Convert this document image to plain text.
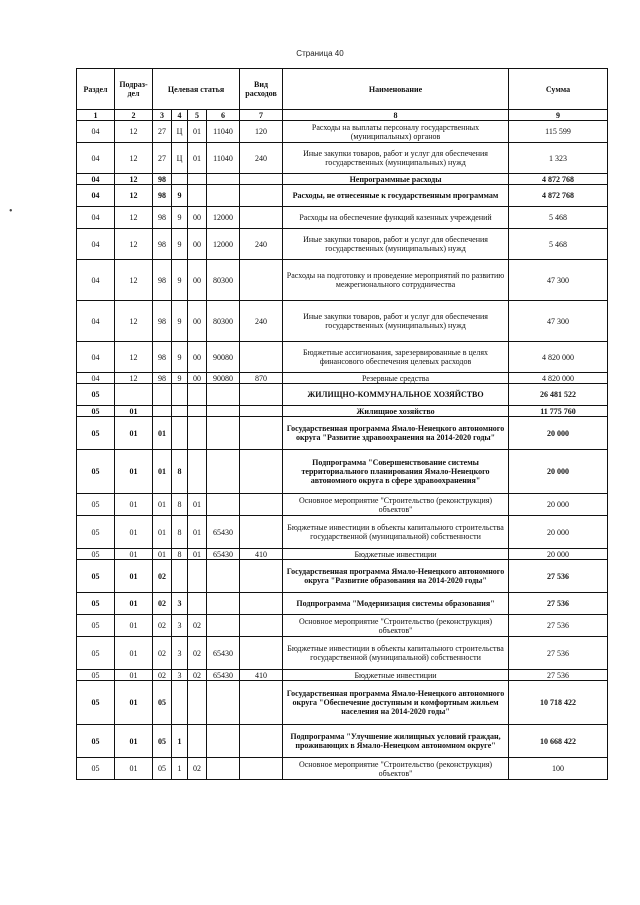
Страница 40
•
Раздел	Подраз-дел	Целевая статья				Вид расходов	Наименование	Сумма
1	2	3	4	5	6	7	8	9
04	12	27	Ц	01	11040	120	Расходы на выплаты персоналу государственных (муниципальных) органов	115 599
04	12	27	Ц	01	11040	240	Иные закупки товаров, работ и услуг для обеспечения государственных (муниципальных) нужд	1 323
04	12	98					Непрограммные расходы	4 872 768
04	12	98	9				Расходы, не отнесенные к государственным программам	4 872 768
04	12	98	9	00	12000		Расходы на обеспечение функций казенных учреждений	5 468
04	12	98	9	00	12000	240	Иные закупки товаров, работ и услуг для обеспечения государственных (муниципальных) нужд	5 468
04	12	98	9	00	80300		Расходы на подготовку и проведение мероприятий по развитию межрегионального сотрудничества	47 300
04	12	98	9	00	80300	240	Иные закупки товаров, работ и услуг для обеспечения государственных (муниципальных) нужд	47 300
04	12	98	9	00	90080		Бюджетные ассигнования, зарезервированные в целях финансового обеспечения целевых расходов	4 820 000
04	12	98	9	00	90080	870	Резервные средства	4 820 000
05							ЖИЛИЩНО-КОММУНАЛЬНОЕ ХОЗЯЙСТВО	26 481 522
05	01						Жилищное хозяйство	11 775 760
05	01	01					Государственная программа Ямало-Ненецкого автономного округа "Развитие здравоохранения на 2014-2020 годы"	20 000
05	01	01	8				Подпрограмма "Совершенствование системы территориального планирования Ямало-Ненецкого автономного округа в сфере здравоохранения"	20 000
05	01	01	8	01			Основное мероприятие "Строительство (реконструкция) объектов"	20 000
05	01	01	8	01	65430		Бюджетные инвестиции в объекты капитального строительства государственной (муниципальной) собственности	20 000
05	01	01	8	01	65430	410	Бюджетные инвестиции	20 000
05	01	02					Государственная программа Ямало-Ненецкого автономного округа "Развитие образования на 2014-2020 годы"	27 536
05	01	02	3				Подпрограмма "Модернизация системы образования"	27 536
05	01	02	3	02			Основное мероприятие "Строительство (реконструкция) объектов"	27 536
05	01	02	3	02	65430		Бюджетные инвестиции в объекты капитального строительства государственной (муниципальной) собственности	27 536
05	01	02	3	02	65430	410	Бюджетные инвестиции	27 536
05	01	05					Государственная программа Ямало-Ненецкого автономного округа "Обеспечение доступным и комфортным жильем населения на 2014-2020 годы"	10 718 422
05	01	05	1				Подпрограмма "Улучшение жилищных условий граждан, проживающих в Ямало-Ненецком автономном округе"	10 668 422
05	01	05	1	02			Основное мероприятие "Строительство (реконструкция) объектов"	100
